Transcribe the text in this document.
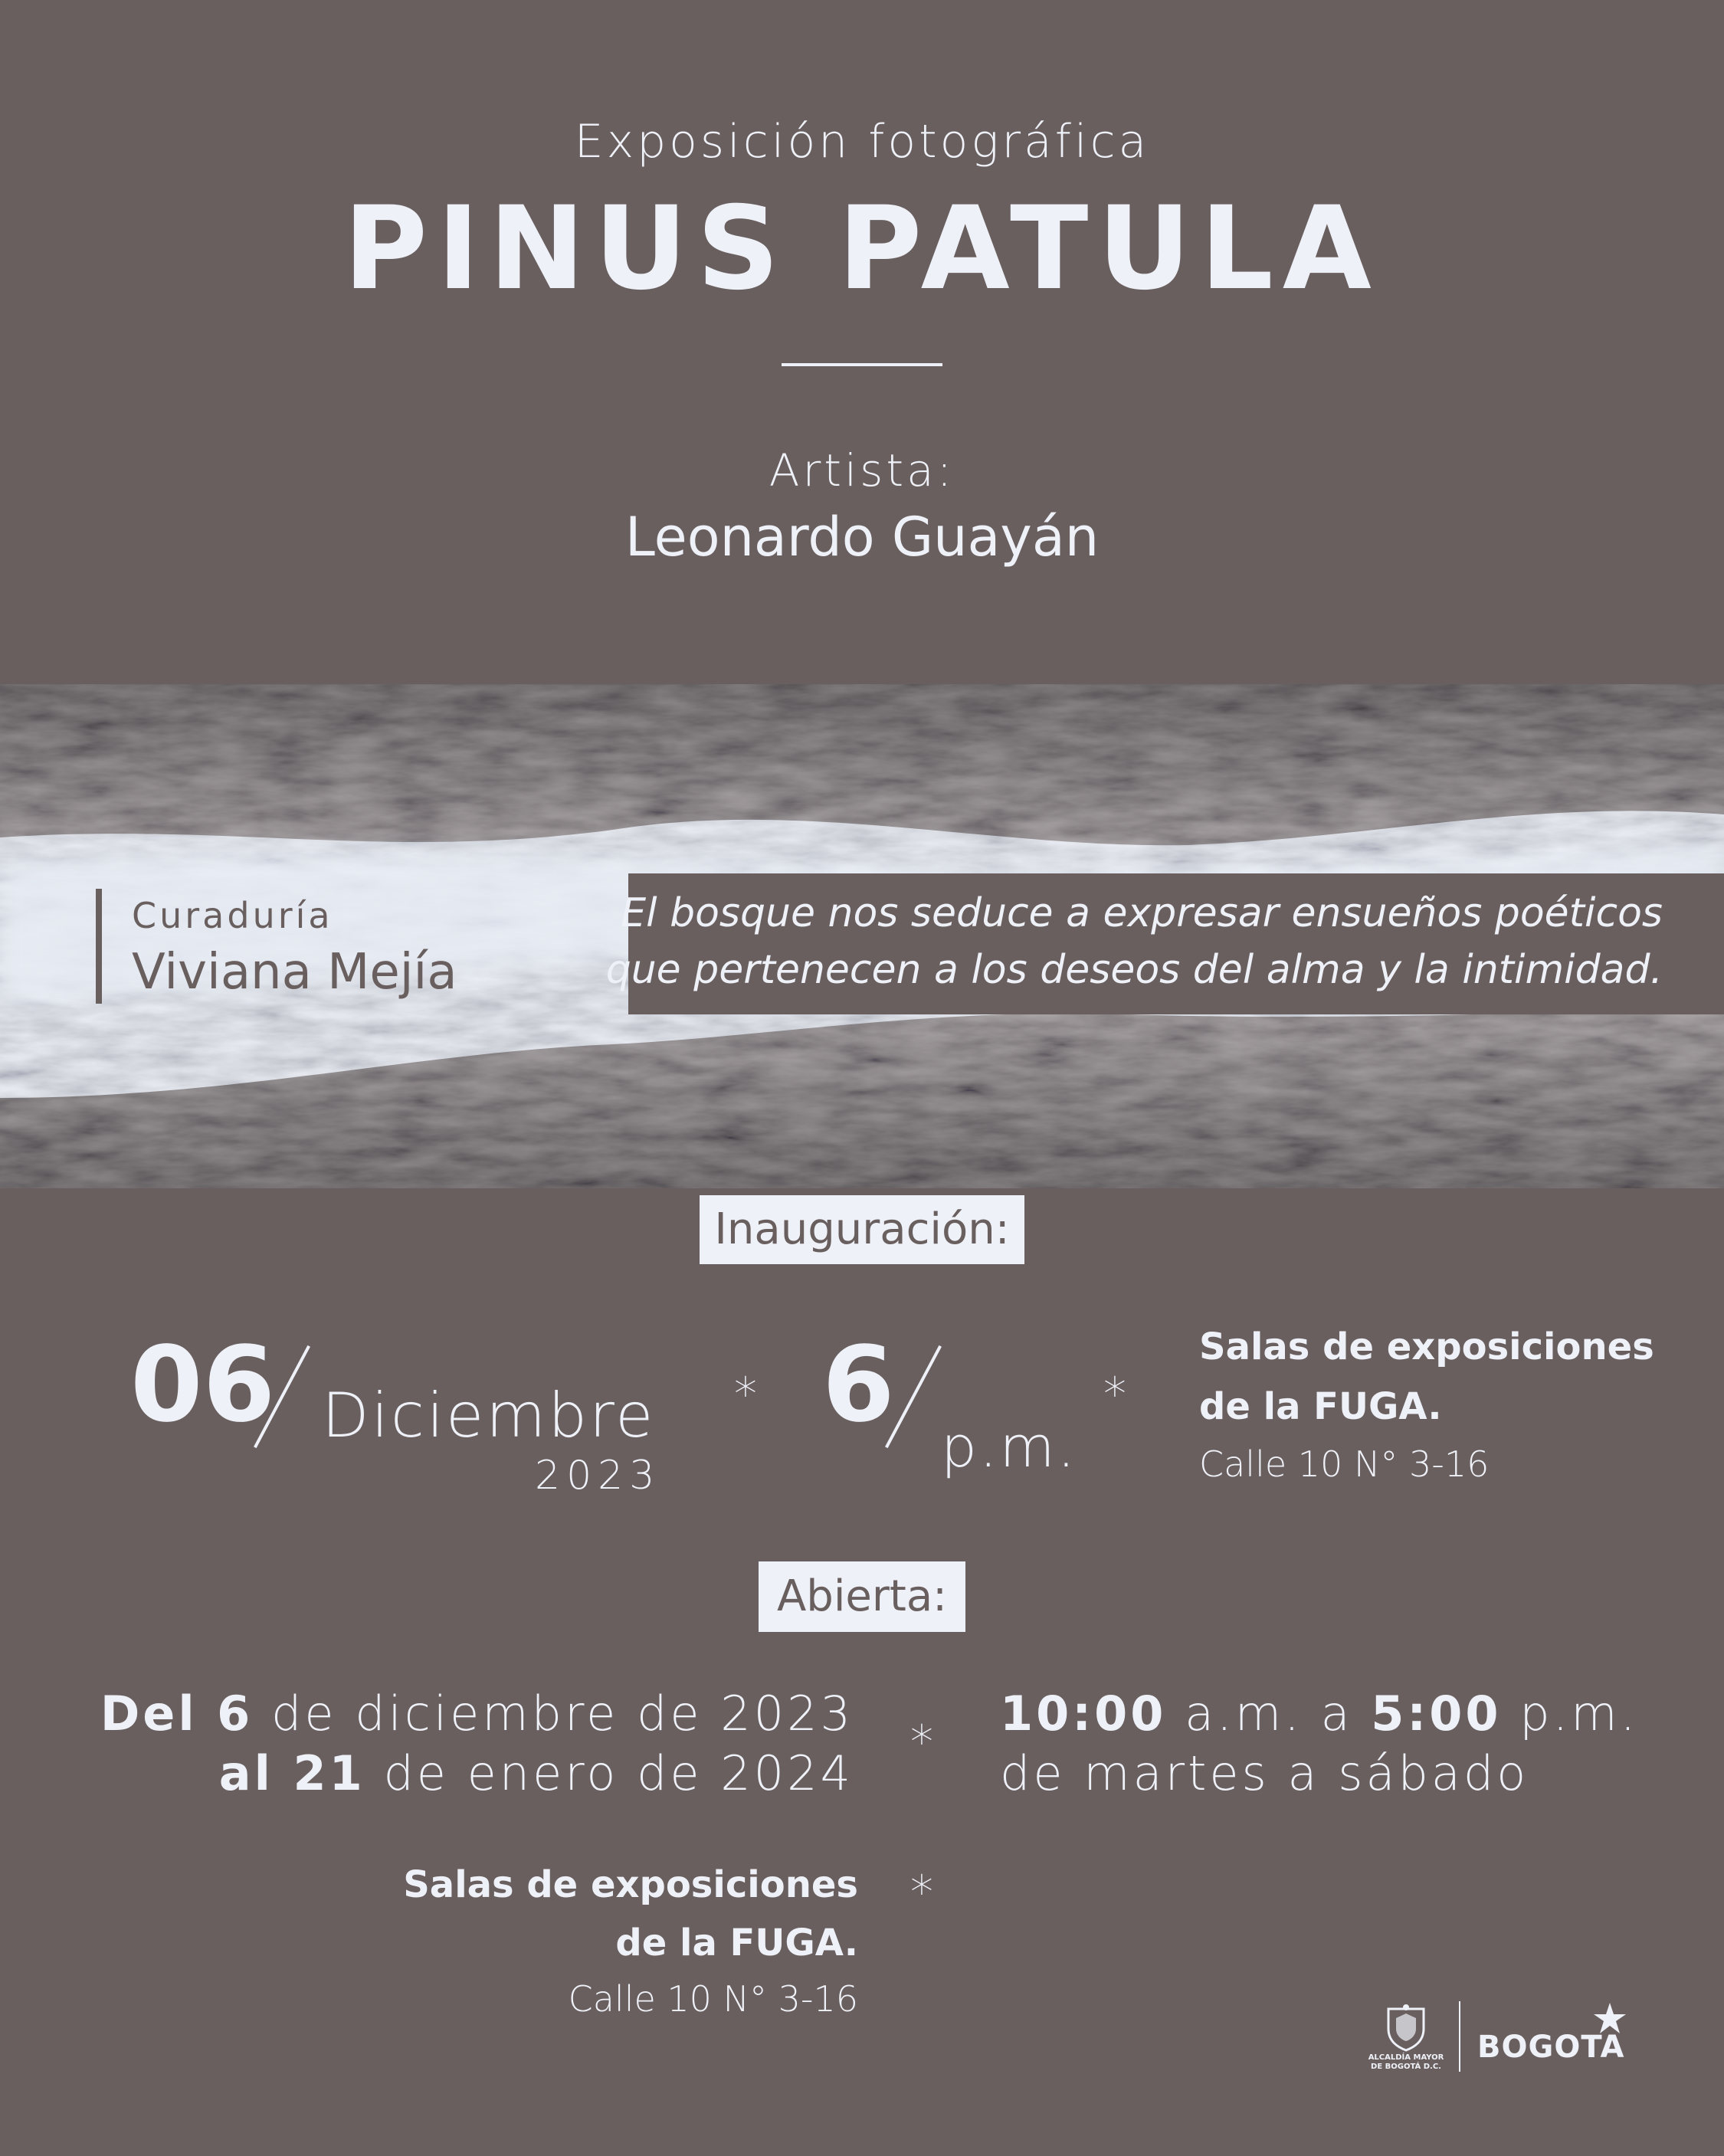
Exposición fotográfica
PINUS PATULA
Artista:
Leonardo Guayán
Curaduría
Viviana Mejía
El bosque nos seduce a expresar ensueños poéticos
que pertenecen a los deseos del alma y la intimidad.
Inauguración:
06 Diciembre
2023
* 6
p.m.
*
Salas de exposiciones
de la FUGA.
Calle 10 N° 3-16
Abierta:
Del 6 de diciembre de 2023
al 21 de enero de 2024
*
10:00 a.m. a 5:00 p.m.
de martes a sábado
Salas de exposiciones
de la FUGA.
Calle 10 N° 3-16
*
ALCALDÍA MAYOR
DE BOGOTÁ D.C.
BOGOTA
